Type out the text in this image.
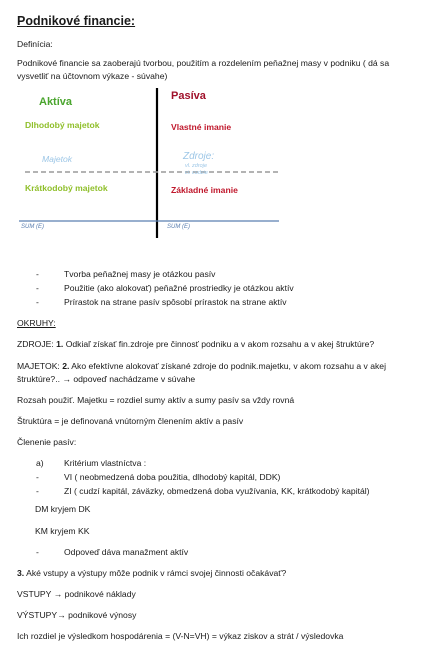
Podnikové financie:
Definícia:
Podnikové financie sa zaoberajú tvorbou, použitím a rozdelením peňažnej masy v podniku ( dá sa
vysvetliť na účtovnom výkaze - súvahe)
Aktíva	Pasíva
Dlhodobý majetok	Vlastné imanie
Majetok	Zdroje:
vl. zdroje
ci. cudzie
Krátkodobý majetok	Základné imanie
SUM (E)	SUM (E)
-	Tvorba peňažnej masy je otázkou pasív
-	Použitie (ako alokovať) peňažné prostriedky je otázkou aktív
-	Prírastok na strane pasív spôsobí prírastok na strane aktív
OKRUHY:
ZDROJE: 1. Odkiaľ získať fin.zdroje pre činnosť podniku a v akom rozsahu a v akej štruktúre?
MAJETOK: 2. Ako efektívne alokovať získané zdroje do podnik.majetku, v akom rozsahu a v akej
štruktúre?.. → odpoveď nachádzame v súvahe
Rozsah použiť. Majetku = rozdiel sumy aktív a sumy pasív sa vždy rovná
Štruktúra = je definovaná vnútorným členením aktív a pasív
Členenie pasív:
a) Kritérium vlastníctva :
-	VI ( neobmedzená doba použitia, dlhodobý kapitál, DDK)
-	ZI ( cudzí kapitál, záväzky, obmedzená doba využívania, KK, krátkodobý kapitál)
DM kryjem DK
KM kryjem KK
-	Odpoveď dáva manažment aktív
3. Aké vstupy a výstupy môže podnik v rámci svojej činnosti očakávať?
VSTUPY → podnikové náklady
VÝSTUPY→ podnikové výnosy
Ich rozdiel je výsledkom hospodárenia = (V-N=VH) = výkaz ziskov a strát / výsledovka
